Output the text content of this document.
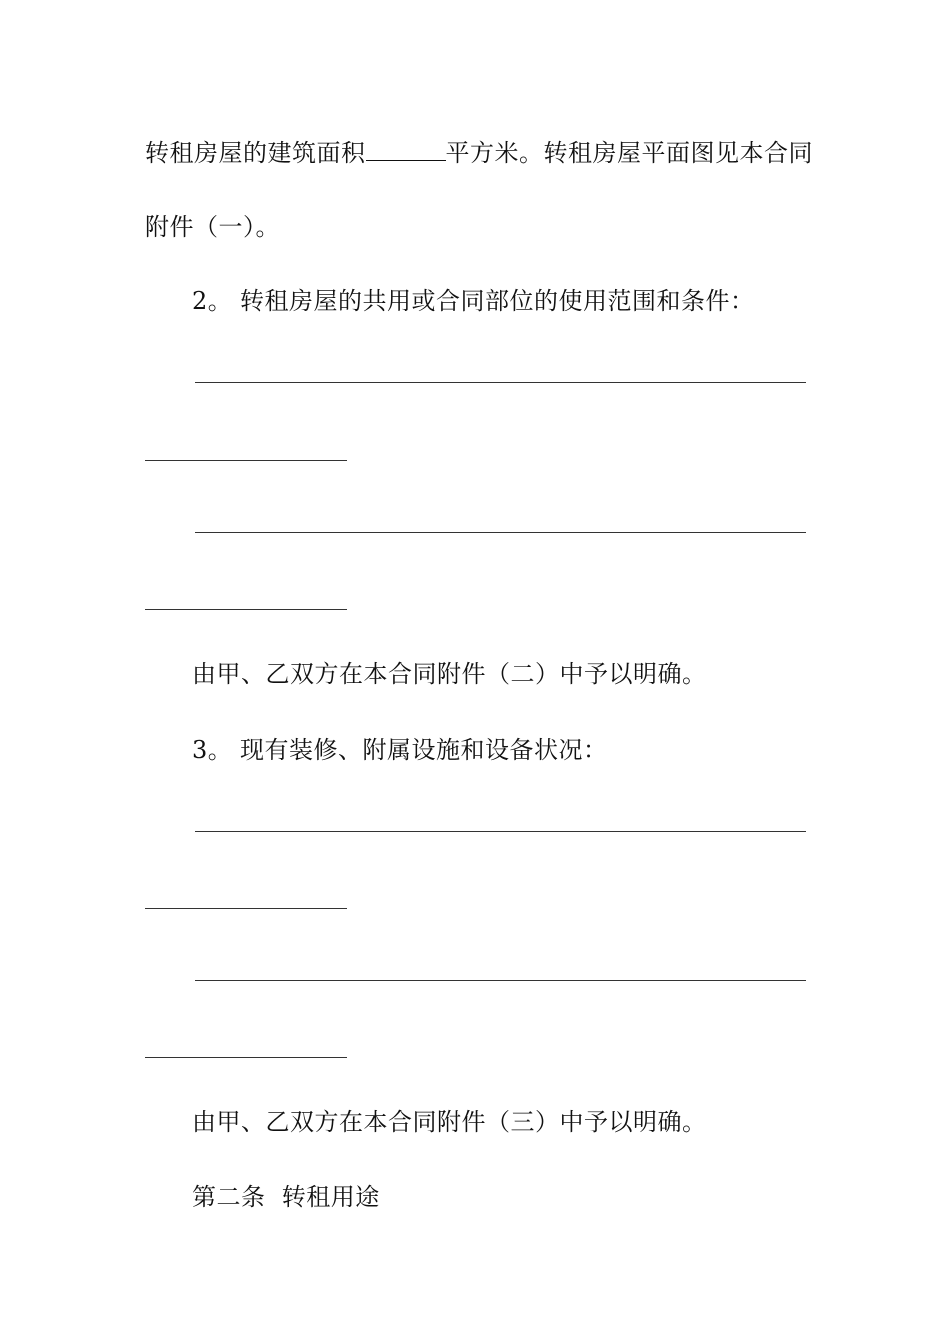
转租房屋的建筑面积	平方米。转租房屋平面图见本合同
附件（一）。
2。 转租房屋的共用或合同部位的使用范围和条件：
由甲、乙双方在本合同附件（二）中予以明确。
3。 现有装修、附属设施和设备状况：
由甲、乙双方在本合同附件（三）中予以明确。
第二条  转租用途
